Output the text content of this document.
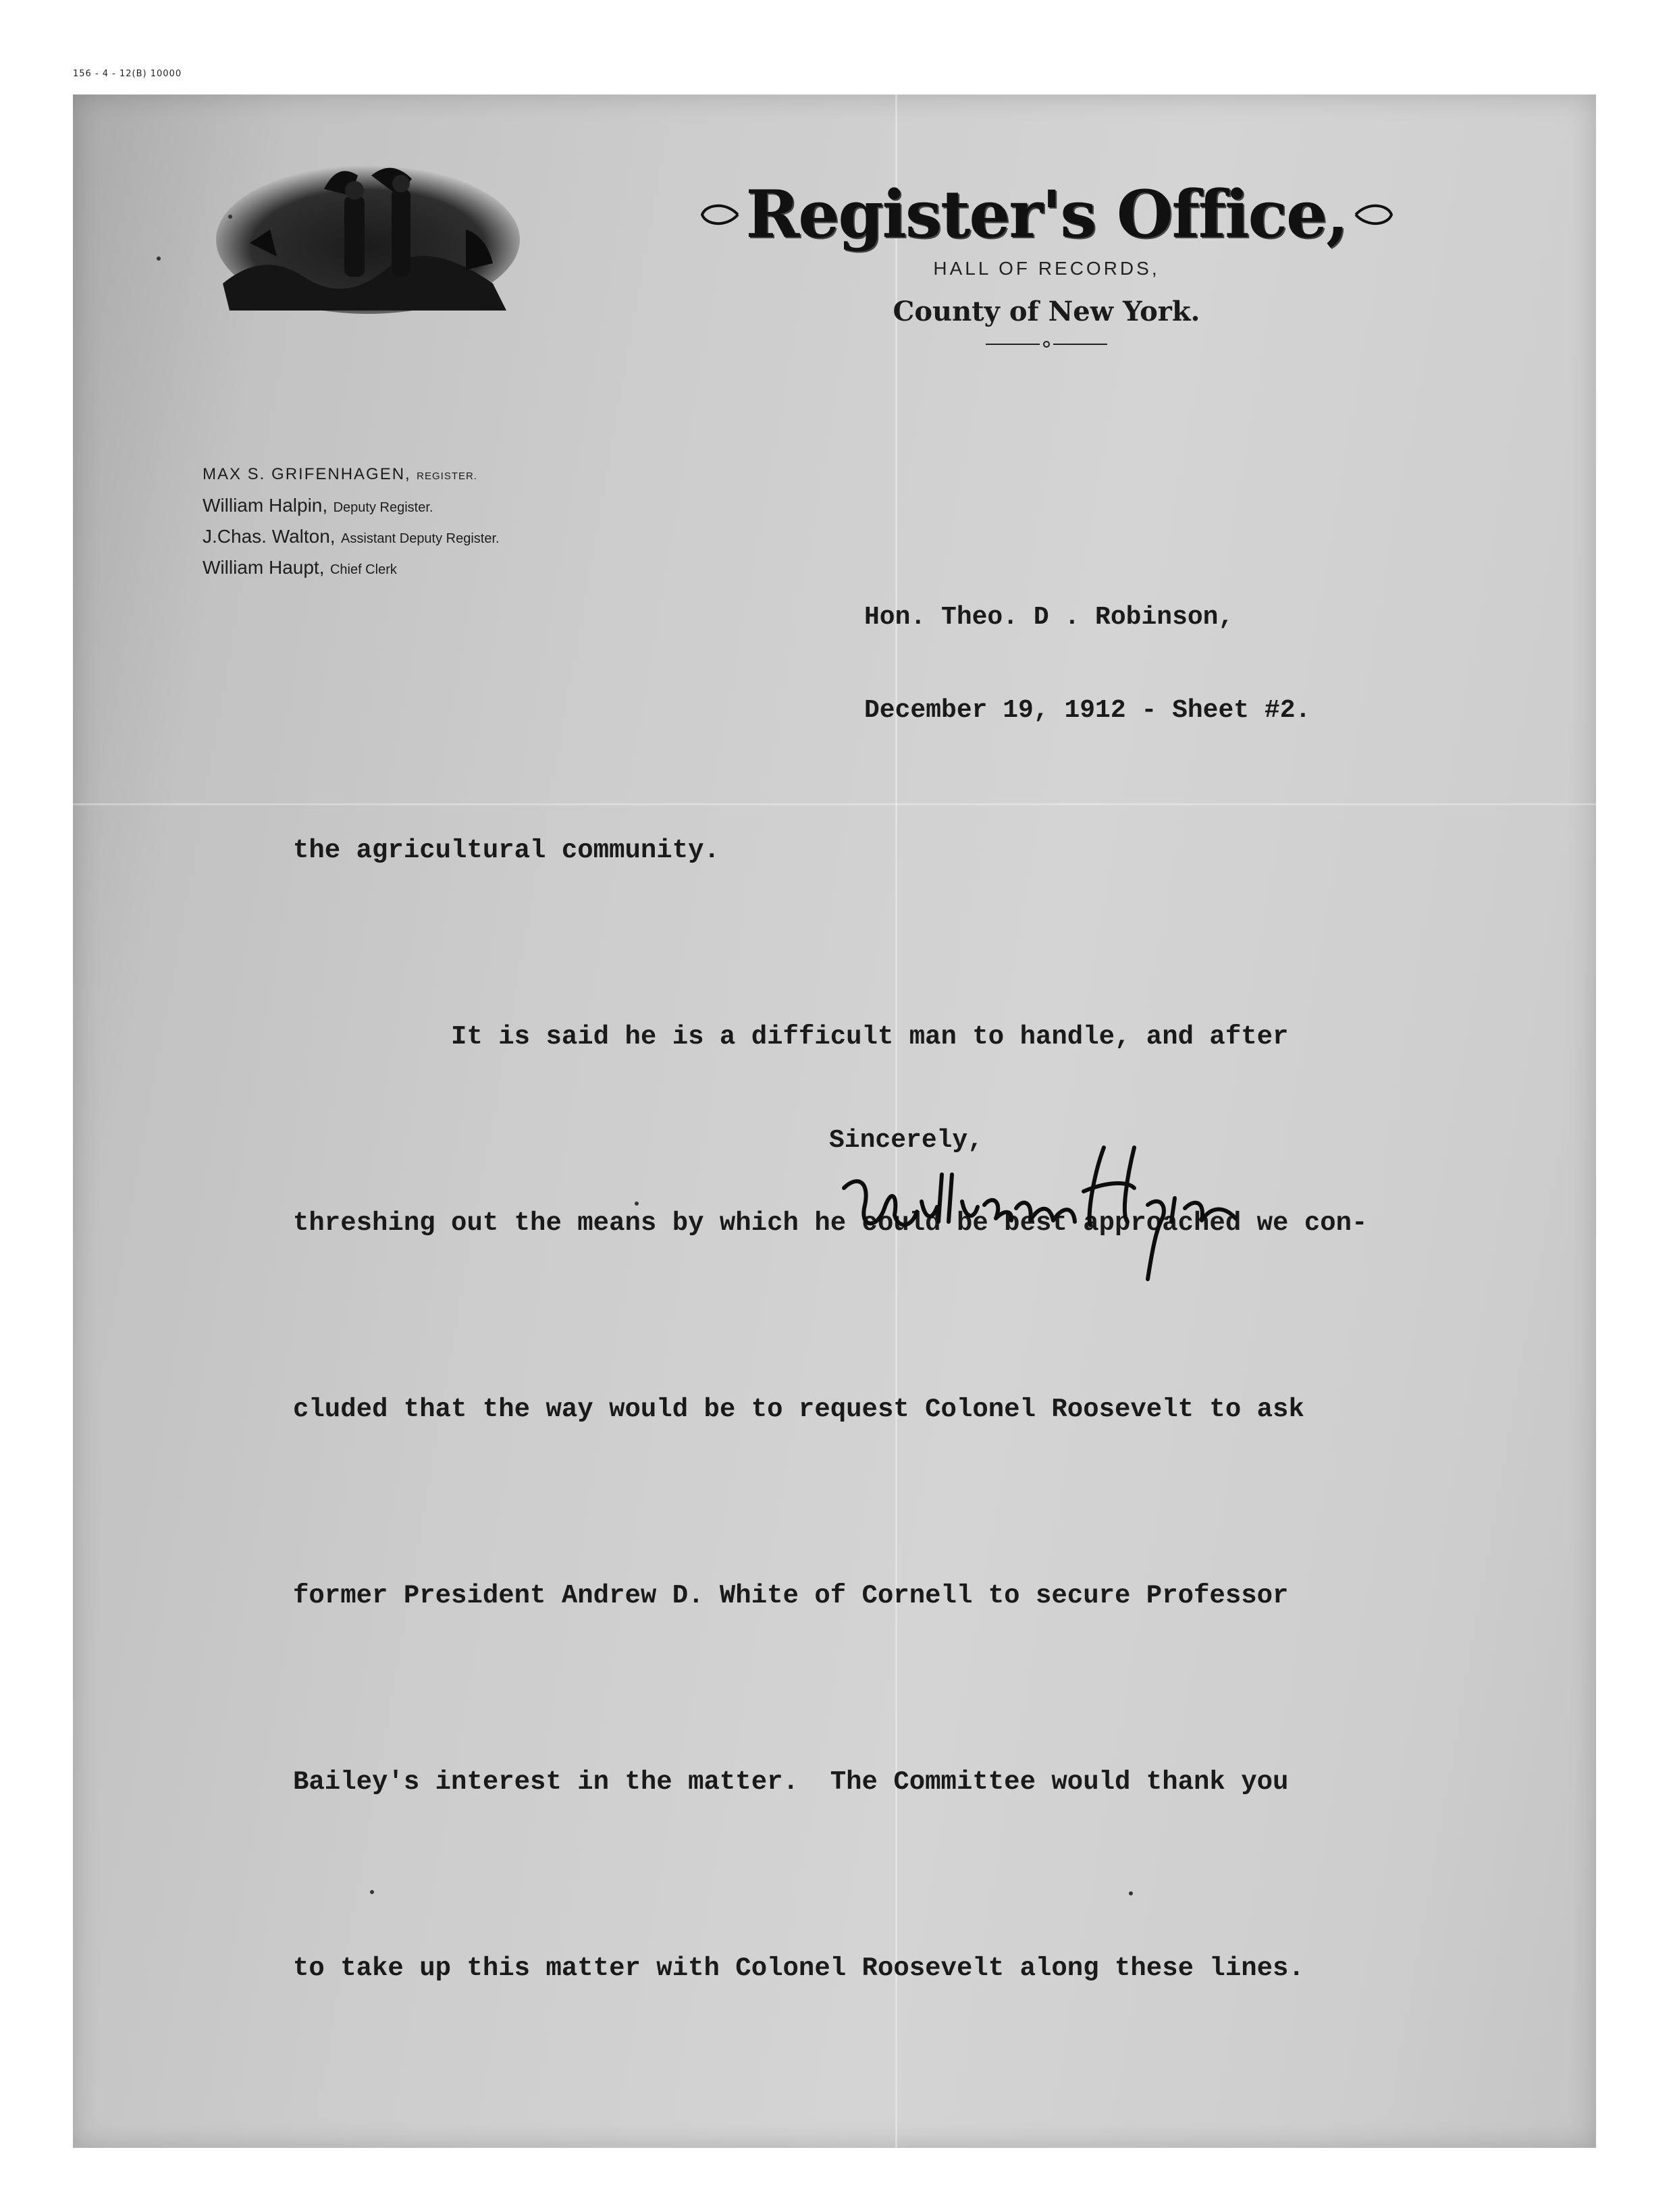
156 - 4 - 12(B) 10000
Register's Office,
HALL OF RECORDS,
County of New York.
MAX S. GRIFENHAGEN, REGISTER.
William Halpin, Deputy Register.
J.Chas. Walton, Assistant Deputy Register.
William Haupt, Chief Clerk

Hon. Theo. D . Robinson,

December 19, 1912 - Sheet #2.

the agricultural community.

It is said he is a difficult man to handle, and after

threshing out the means by which he could be best approached we con-

cluded that the way would be to request Colonel Roosevelt to ask

former President Andrew D. White of Cornell to secure Professor

Bailey's interest in the matter.  The Committee would thank you

to take up this matter with Colonel Roosevelt along these lines.

Sincerely,
